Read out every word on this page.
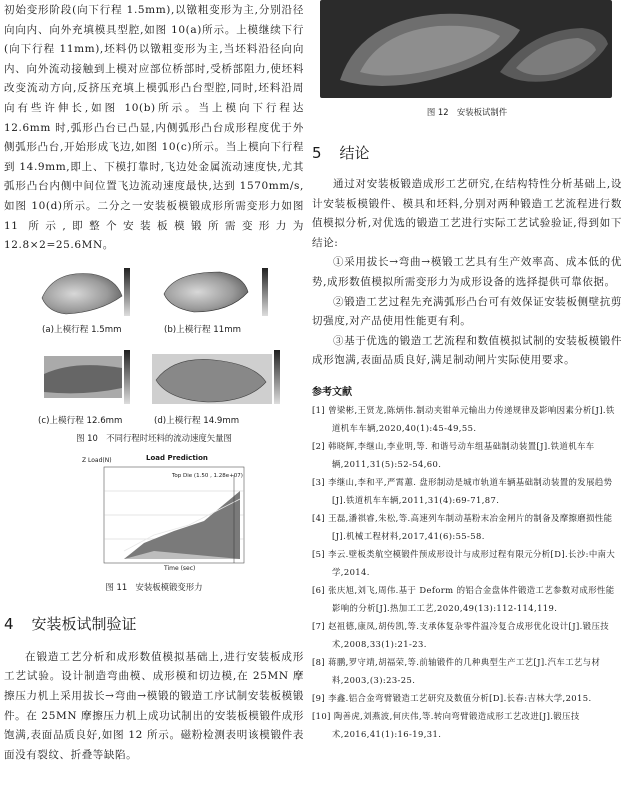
初始变形阶段(向下行程 1.5mm),以镦粗变形为主,分别沿径向向内、向外充填模具型腔,如图 10(a)所示。上模继续下行(向下行程 11mm),坯料仍以镦粗变形为主,当坯料沿径向向内、向外流动接触到上模对应部位桥部时,受桥部阻力,使坯料改变流动方向,反挤压充填上模弧形凸台型腔,同时,坯料沿周向有些许伸长,如图 10(b)所示。当上模向下行程达 12.6mm 时,弧形凸台已凸显,内侧弧形凸台成形程度优于外侧弧形凸台,开始形成飞边,如图 10(c)所示。当上模向下行程到 14.9mm,即上、下模打靠时,飞边处金属流动速度快,尤其弧形凸台内侧中间位置飞边流动速度最快,达到 1570mm/s,如图 10(d)所示。二分之一安装板模锻成形所需变形力如图 11 所示,即整个安装板模锻所需变形力为 12.8×2=25.6MN。

(a)上模行程 1.5mm	(b)上模行程 11mm
(c)上模行程 12.6mm	(d)上模行程 14.9mm
图 10　不同行程时坯料的流动速度矢量图
Load Prediction
Z Load(N)
Top Die (1.50 , 1.28e+07)
Time (sec)
图 11　安装板模锻变形力
4 安装板试制验证

在锻造工艺分析和成形数值模拟基础上,进行安装板成形工艺试验。设计制造弯曲模、成形模和切边模,在 25MN 摩擦压力机上采用拔长→弯曲→模锻的锻造工序试制安装板模锻件。在 25MN 摩擦压力机上成功试制出的安装板模锻件成形饱满,表面品质良好,如图 12 所示。磁粉检测表明该模锻件表面没有裂纹、折叠等缺陷。

图 12　安装板试制件
5 结论

通过对安装板锻造成形工艺研究,在结构特性分析基础上,设计安装板模锻件、模具和坯料,分别对两种锻造工艺流程进行数值模拟分析,对优选的锻造工艺进行实际工艺试验验证,得到如下结论:

①采用拔长→弯曲→模锻工艺具有生产效率高、成本低的优势,成形数值模拟所需变形力为成形设备的选择提供可靠依据。

②锻造工艺过程先充满弧形凸台可有效保证安装板侧壁抗剪切强度,对产品使用性能更有利。

③基于优选的锻造工艺流程和数值模拟试制的安装板模锻件成形饱满,表面品质良好,满足制动闸片实际使用要求。

参考文献
[1] 曾梁彬,王贤龙,陈炳伟.制动夹钳单元输出力传递规律及影响因素分析[J].铁道机车车辆,2020,40(1):45-49,55.
[2] 韩晓辉,李继山,李业明,等. 和谐号动车组基础制动装置[J].铁道机车车辆,2011,31(5):52-54,60.
[3] 李继山,李和平,严霄蕙. 盘形制动是城市轨道车辆基础制动装置的发展趋势[J].铁道机车车辆,2011,31(4):69-71,87.
[4] 王磊,潘祺睿,朱松,等.高速列车制动基粉末冶金闸片的制备及摩擦磨损性能[J].机械工程材料,2017,41(6):55-58.
[5] 李云.壁板类航空模锻件预成形设计与成形过程有限元分析[D].长沙:中南大学,2014.
[6] 张庆旭,刘飞,周伟.基于 Deform 的铝合金盘体件锻造工艺参数对成形性能影响的分析[J].热加工工艺,2020,49(13):112-114,119.
[7] 赵祖德,康凤,胡传凯,等.支承体复杂零件温冷复合成形优化设计[J].锻压技术,2008,33(1):21-23.
[8] 蒋鹏,罗守靖,胡福荣,等.前轴锻件的几种典型生产工艺[J].汽车工艺与材料,2003,(3):23-25.
[9] 李鑫.铝合金弯臂锻造工艺研究及数值分析[D].长春:吉林大学,2015.
[10] 陶善虎,刘燕波,何庆伟,等.转向弯臂锻造成形工艺改进[J].锻压技术,2016,41(1):16-19,31.
